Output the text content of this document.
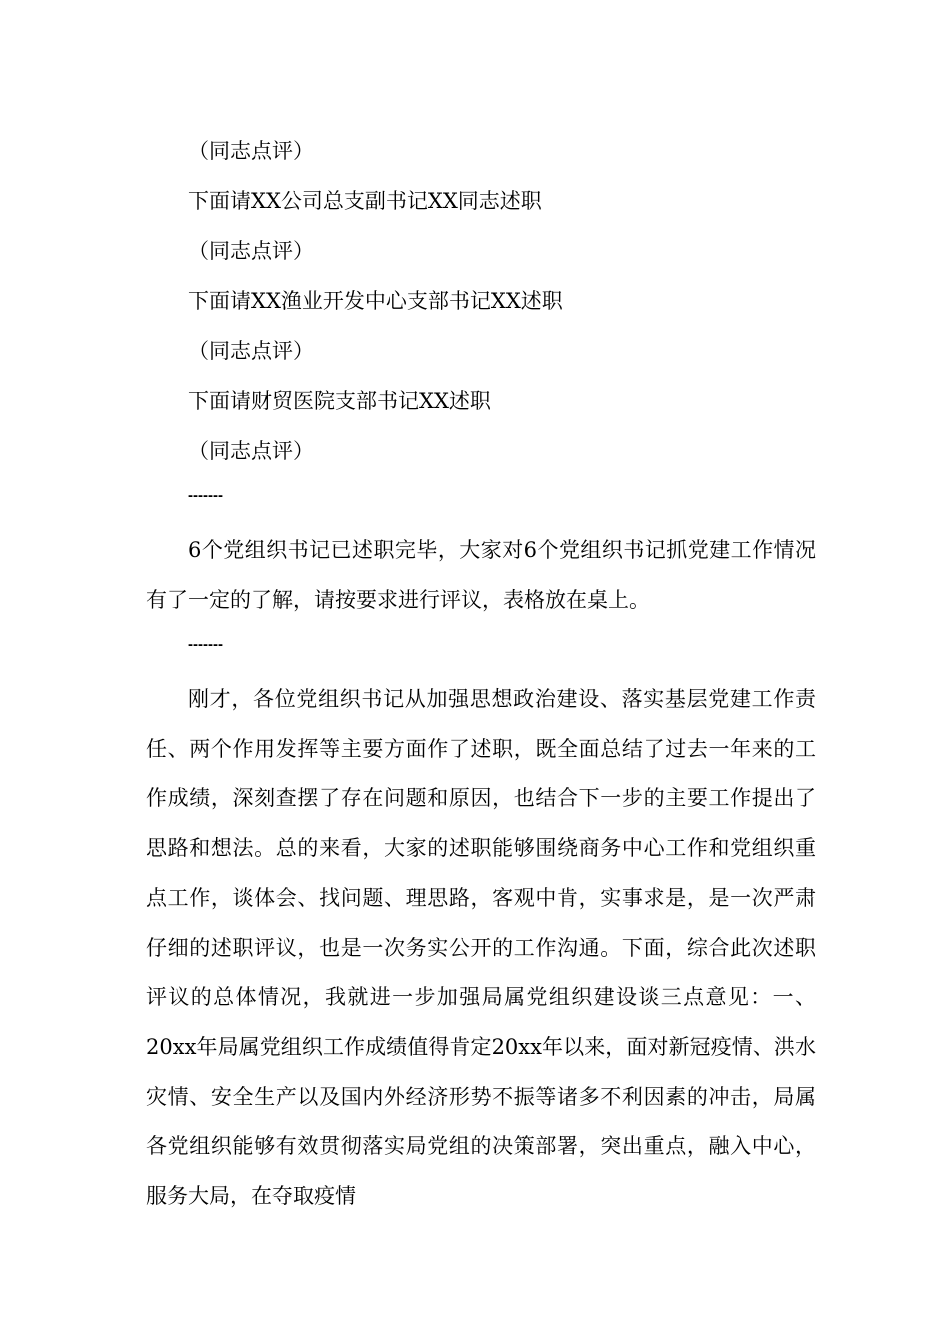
（同志点评）
下面请XX公司总支副书记XX同志述职
（同志点评）
下面请XX渔业开发中心支部书记XX述职
（同志点评）
下面请财贸医院支部书记XX述职
（同志点评）
-------

6个党组织书记已述职完毕，大家对6个党组织书记抓党建工作情况有了一定的了解，请按要求进行评议，表格放在桌上。

-------

刚才，各位党组织书记从加强思想政治建设、落实基层党建工作责任、两个作用发挥等主要方面作了述职，既全面总结了过去一年来的工作成绩，深刻查摆了存在问题和原因，也结合下一步的主要工作提出了思路和想法。总的来看，大家的述职能够围绕商务中心工作和党组织重点工作，谈体会、找问题、理思路，客观中肯，实事求是，是一次严肃仔细的述职评议，也是一次务实公开的工作沟通。下面，综合此次述职评议的总体情况，我就进一步加强局属党组织建设谈三点意见：一、20xx年局属党组织工作成绩值得肯定20xx年以来，面对新冠疫情、洪水灾情、安全生产以及国内外经济形势不振等诸多不利因素的冲击，局属各党组织能够有效贯彻落实局党组的决策部署，突出重点，融入中心，服务大局，在夺取疫情
